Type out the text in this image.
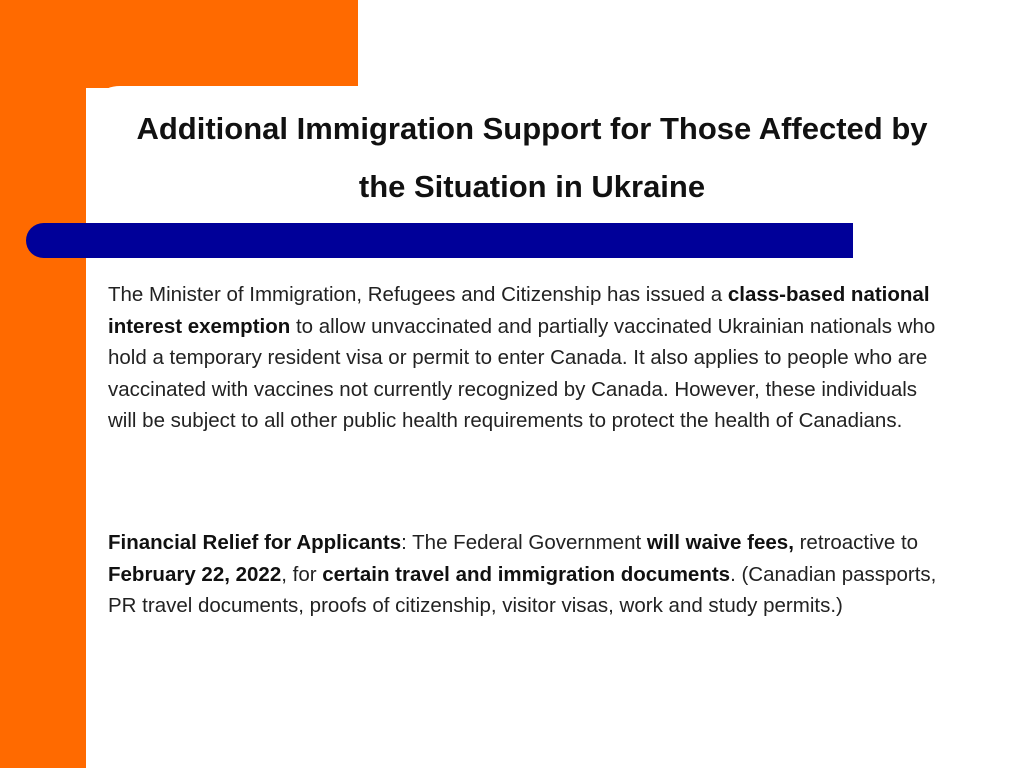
Additional Immigration Support for Those Affected by the Situation in Ukraine

The Minister of Immigration, Refugees and Citizenship has issued a class-based national interest exemption to allow unvaccinated and partially vaccinated Ukrainian nationals who hold a temporary resident visa or permit to enter Canada. It also applies to people who are vaccinated with vaccines not currently recognized by Canada. However, these individuals will be subject to all other public health requirements to protect the health of Canadians.

Financial Relief for Applicants: The Federal Government will waive fees, retroactive to February 22, 2022, for certain travel and immigration documents. (Canadian passports, PR travel documents, proofs of citizenship, visitor visas, work and study permits.)
